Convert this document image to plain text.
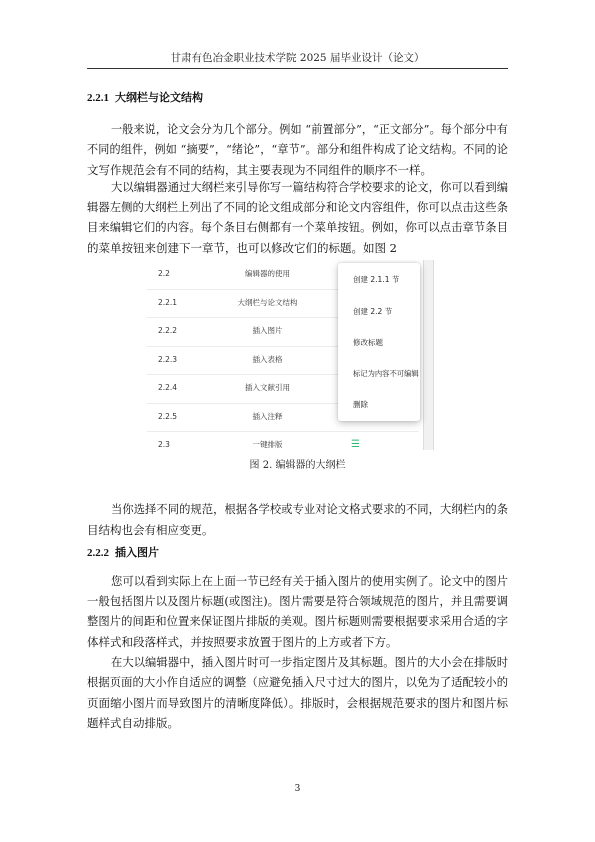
甘肃有色冶金职业技术学院 2025 届毕业设计（论文）
2.2.1 大纲栏与论文结构
一般来说，论文会分为几个部分。例如 “前置部分”，“正文部分”。每个部分中有
不同的组件，例如 “摘要”，“绪论”，“章节”。部分和组件构成了论文结构。不同的论
文写作规范会有不同的结构，其主要表现为不同组件的顺序不一样。
大以编辑器通过大纲栏来引导你写一篇结构符合学校要求的论文，你可以看到编
辑器左侧的大纲栏上列出了不同的论文组成部分和论文内容组件，你可以点击这些条
目来编辑它们的内容。每个条目右侧都有一个菜单按钮。例如，你可以点击章节条目
的菜单按钮来创建下一章节，也可以修改它们的标题。如图 2
2.2	编辑器的使用
2.2.1	大纲栏与论文结构
2.2.2	插入图片
2.2.3	插入表格
2.2.4	插入文献引用
2.2.5	插入注释
2.3	一键排版	☰
创建 2.1.1 节
创建 2.2 节
修改标题
标记为内容不可编辑
删除
图 2. 编辑器的大纲栏
当你选择不同的规范，根据各学校或专业对论文格式要求的不同，大纲栏内的条
目结构也会有相应变更。
2.2.2 插入图片
您可以看到实际上在上面一节已经有关于插入图片的使用实例了。论文中的图片
一般包括图片以及图片标题(或图注)。图片需要是符合领域规范的图片，并且需要调
整图片的间距和位置来保证图片排版的美观。图片标题则需要根据要求采用合适的字
体样式和段落样式，并按照要求放置于图片的上方或者下方。
在大以编辑器中，插入图片时可一步指定图片及其标题。图片的大小会在排版时
根据页面的大小作自适应的调整（应避免插入尺寸过大的图片，以免为了适配较小的
页面缩小图片而导致图片的清晰度降低）。排版时，会根据规范要求的图片和图片标
题样式自动排版。
3
